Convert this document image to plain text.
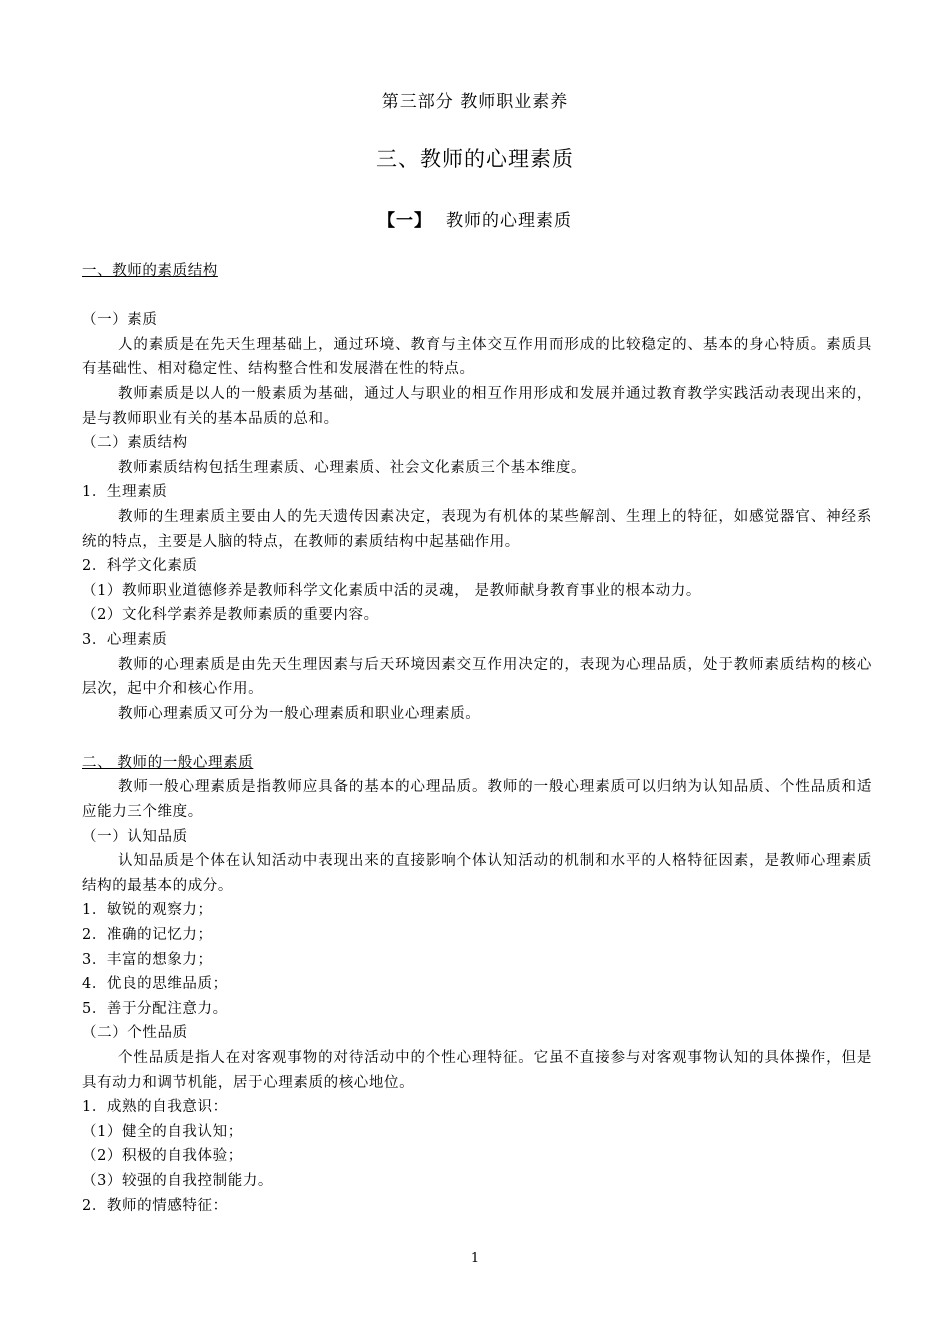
第三部分 教师职业素养
三、教师的心理素质
【一】 教师的心理素质

一、教师的素质结构

（一）素质

人的素质是在先天生理基础上，通过环境、教育与主体交互作用而形成的比较稳定的、基本的身心特质。素质具有基础性、相对稳定性、结构整合性和发展潜在性的特点。

教师素质是以人的一般素质为基础，通过人与职业的相互作用形成和发展并通过教育教学实践活动表现出来的，是与教师职业有关的基本品质的总和。

（二）素质结构

教师素质结构包括生理素质、心理素质、社会文化素质三个基本维度。

1．生理素质

教师的生理素质主要由人的先天遗传因素决定，表现为有机体的某些解剖、生理上的特征，如感觉器官、神经系统的特点，主要是人脑的特点，在教师的素质结构中起基础作用。

2．科学文化素质

（1）教师职业道德修养是教师科学文化素质中活的灵魂， 是教师献身教育事业的根本动力。

（2）文化科学素养是教师素质的重要内容。

3．心理素质

教师的心理素质是由先天生理因素与后天环境因素交互作用决定的，表现为心理品质，处于教师素质结构的核心层次，起中介和核心作用。

教师心理素质又可分为一般心理素质和职业心理素质。

二、 教师的一般心理素质

教师一般心理素质是指教师应具备的基本的心理品质。教师的一般心理素质可以归纳为认知品质、个性品质和适应能力三个维度。

（一）认知品质

认知品质是个体在认知活动中表现出来的直接影响个体认知活动的机制和水平的人格特征因素，是教师心理素质结构的最基本的成分。

1．敏锐的观察力；

2．准确的记忆力；

3．丰富的想象力；

4．优良的思维品质；

5．善于分配注意力。

（二）个性品质

个性品质是指人在对客观事物的对待活动中的个性心理特征。它虽不直接参与对客观事物认知的具体操作，但是具有动力和调节机能，居于心理素质的核心地位。

1．成熟的自我意识：

（1）健全的自我认知；

（2）积极的自我体验；

（3）较强的自我控制能力。

2．教师的情感特征：

1
